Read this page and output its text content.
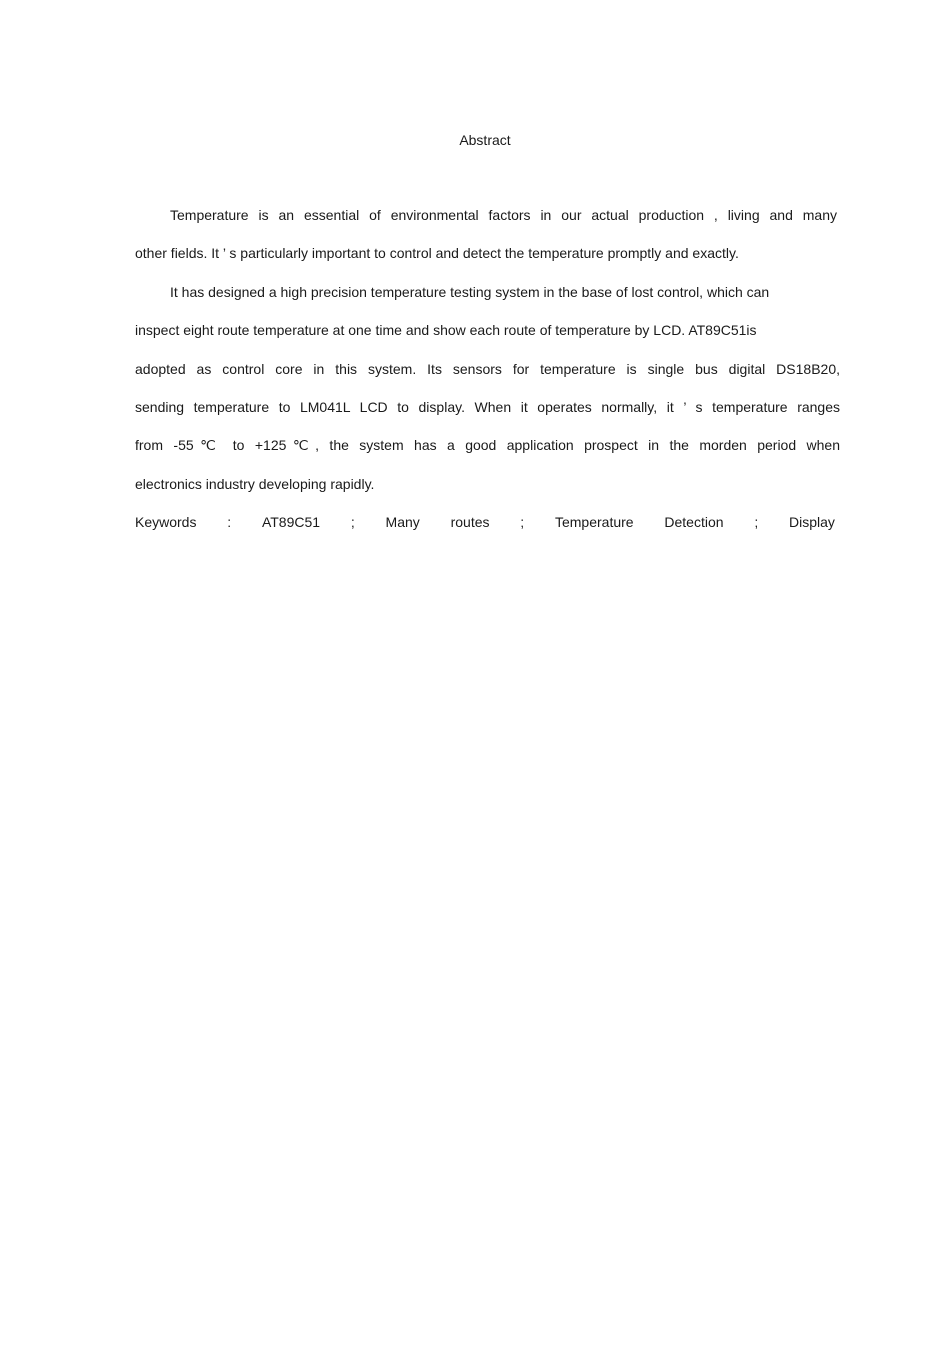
Abstract
Temperature is an essential of environmental factors in our actual production , living and many
other fields. It ’ s particularly important to control and detect the temperature promptly and exactly.
It has designed a high precision temperature testing system in the base of lost control, which can
inspect eight route temperature at one time and show each route of temperature by LCD. AT89C51is
adopted as control core in this system. Its sensors for temperature is single bus digital DS18B20,
sending temperature to LM041L LCD to display. When it operates normally, it ’ s temperature ranges
from -55℃ to +125℃, the system has a good application prospect in the morden period when
electronics industry developing rapidly.
Keywords : AT89C51 ; Many routes ; Temperature Detection ; Display
